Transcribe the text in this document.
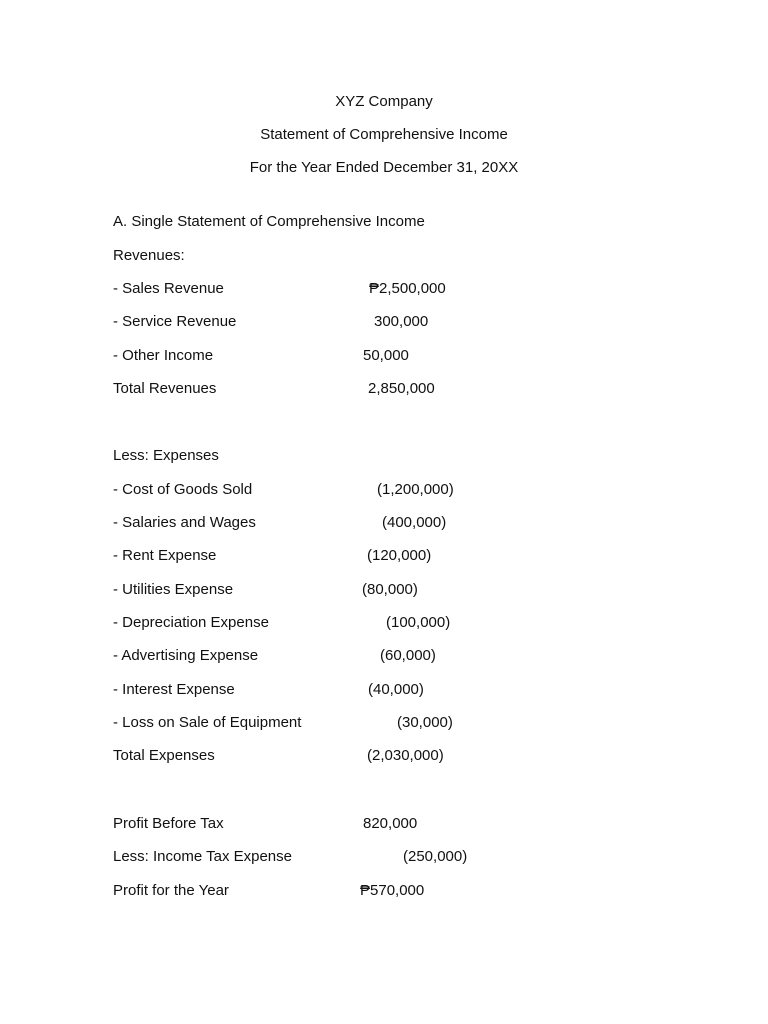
XYZ Company
Statement of Comprehensive Income
For the Year Ended December 31, 20XX
A. Single Statement of Comprehensive Income
Revenues:
- Sales Revenue	₱2,500,000
- Service Revenue	300,000
- Other Income	50,000
Total Revenues	2,850,000
Less: Expenses
- Cost of Goods Sold	(1,200,000)
- Salaries and Wages	(400,000)
- Rent Expense	(120,000)
- Utilities Expense	(80,000)
- Depreciation Expense	(100,000)
- Advertising Expense	(60,000)
- Interest Expense	(40,000)
- Loss on Sale of Equipment	(30,000)
Total Expenses	(2,030,000)
Profit Before Tax	820,000
Less: Income Tax Expense	(250,000)
Profit for the Year	₱570,000
